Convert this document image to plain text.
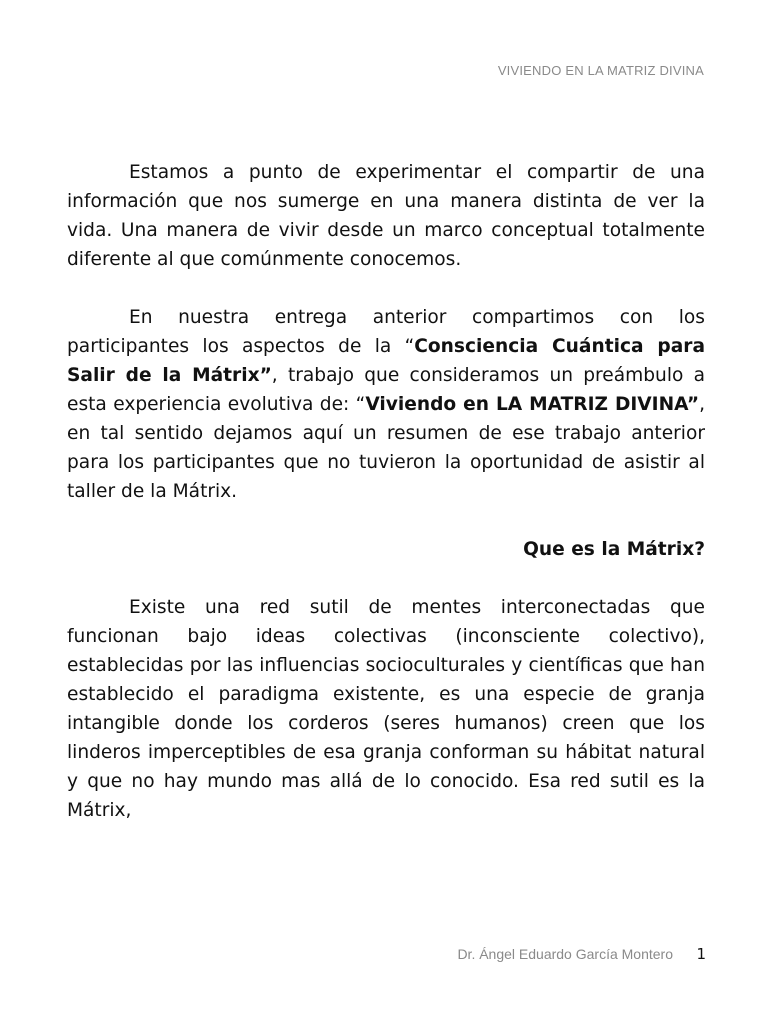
VIVIENDO EN LA MATRIZ DIVINA

Estamos a punto de experimentar el compartir de una información que nos sumerge en una manera distinta de ver la vida. Una manera de vivir desde un marco conceptual totalmente diferente al que comúnmente conocemos.

En nuestra entrega anterior compartimos con los participantes los aspectos de la “Consciencia Cuántica para Salir de la Mátrix”, trabajo que consideramos un preámbulo a esta experiencia evolutiva de: “Viviendo en LA MATRIZ DIVINA”, en tal sentido dejamos aquí un resumen de ese trabajo anterior para los participantes que no tuvieron la oportunidad de asistir al taller de la Mátrix.

Que es la Mátrix?

Existe una red sutil de mentes interconectadas que funcionan bajo ideas colectivas (inconsciente colectivo), establecidas por las influencias socioculturales y científicas que han establecido el paradigma existente, es una especie de granja intangible donde los corderos (seres humanos) creen que los linderos imperceptibles de esa granja conforman su hábitat natural y que no hay mundo mas allá de lo conocido. Esa red sutil es la Mátrix,

Dr. Ángel Eduardo García Montero 1
